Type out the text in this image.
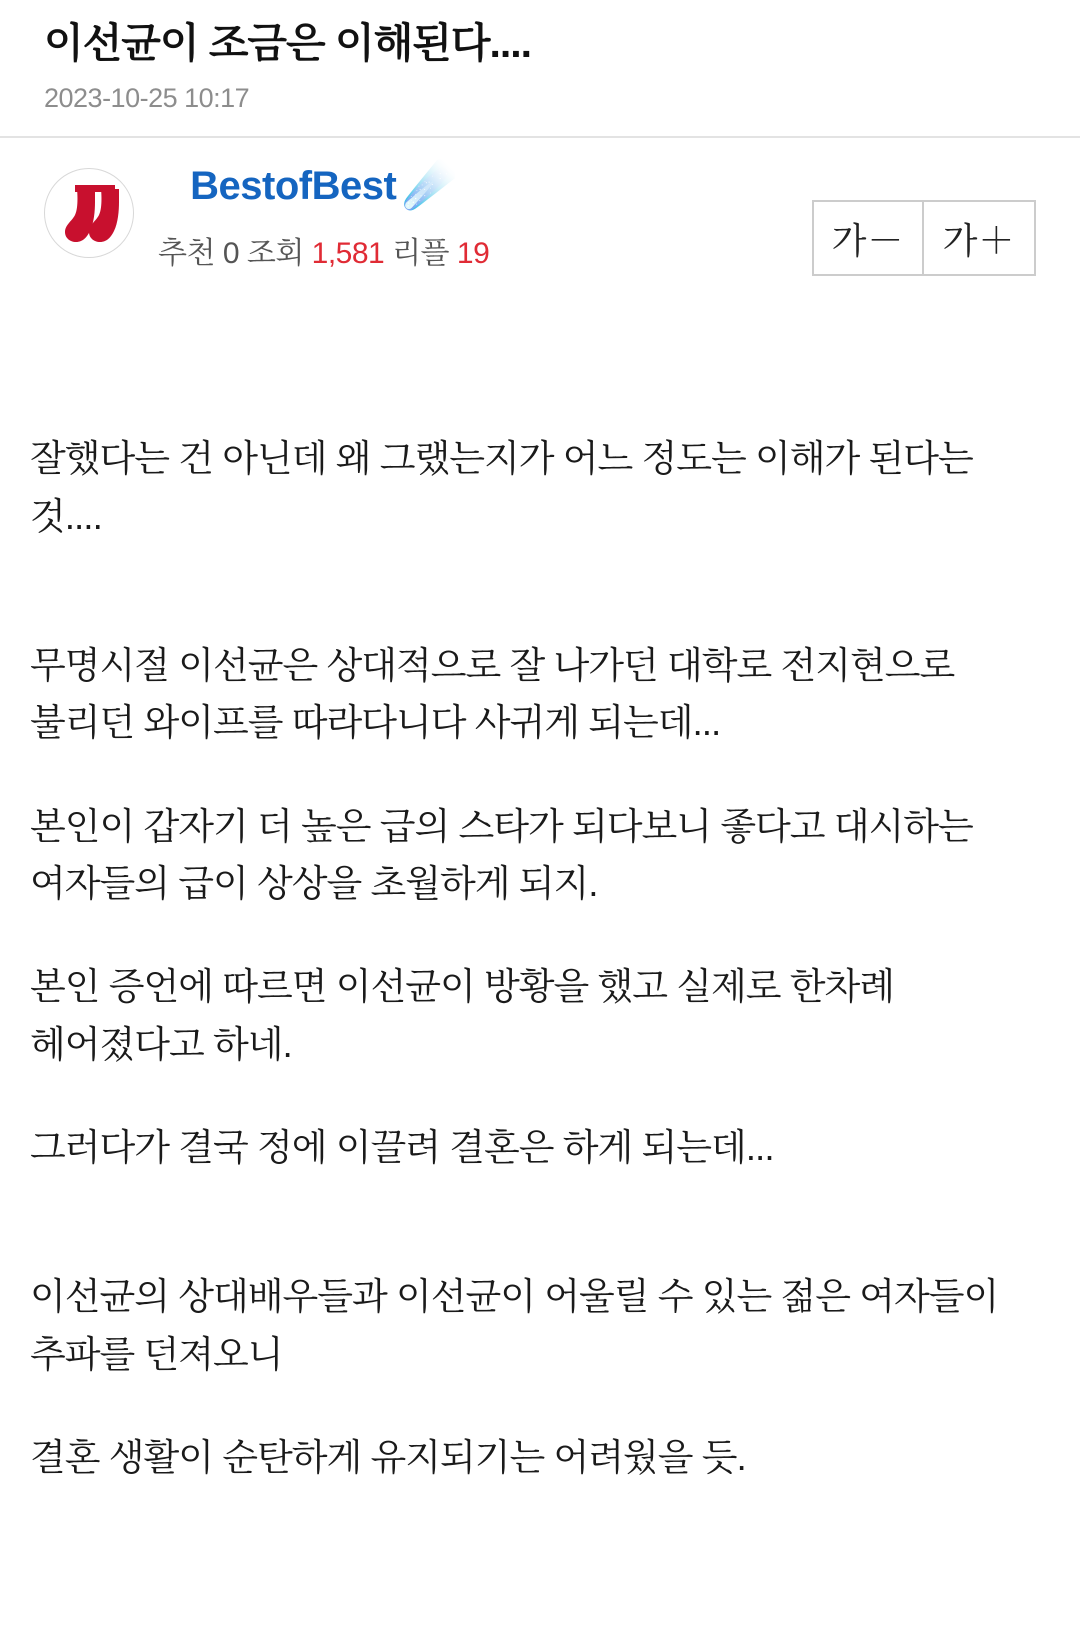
이선균이 조금은 이해된다....
2023-10-25 10:17
BestofBest ☄️
추천 0 조회 1,581 리플 19	가－	가＋

잘했다는 건 아닌데 왜 그랬는지가 어느 정도는 이해가 된다는 것....

무명시절 이선균은 상대적으로 잘 나가던 대학로 전지현으로 불리던 와이프를 따라다니다 사귀게 되는데...

본인이 갑자기 더 높은 급의 스타가 되다보니 좋다고 대시하는 여자들의 급이 상상을 초월하게 되지.

본인 증언에 따르면 이선균이 방황을 했고 실제로 한차례 헤어졌다고 하네.

그러다가 결국 정에 이끌려 결혼은 하게 되는데...

이선균의 상대배우들과 이선균이 어울릴 수 있는 젊은 여자들이 추파를 던져오니

결혼 생활이 순탄하게 유지되기는 어려웠을 듯.
